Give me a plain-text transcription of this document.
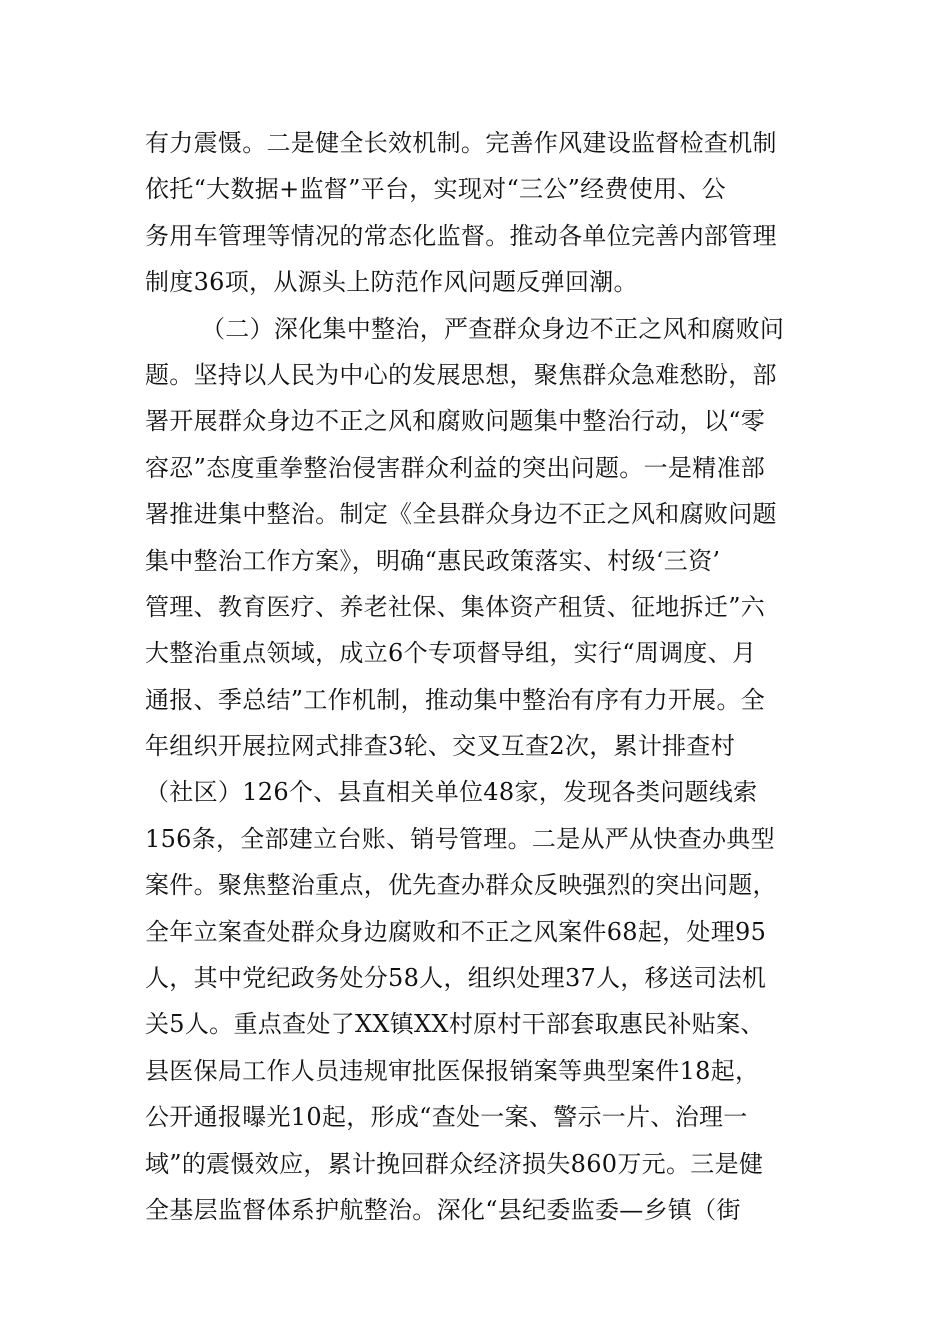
有力震慑。二是健全长效机制。完善作风建设监督检查机制
依托“大数据+监督”平台，实现对“三公”经费使用、公
务用车管理等情况的常态化监督。推动各单位完善内部管理
制度36项，从源头上防范作风问题反弹回潮。
（二）深化集中整治，严查群众身边不正之风和腐败问
题。坚持以人民为中心的发展思想，聚焦群众急难愁盼，部
署开展群众身边不正之风和腐败问题集中整治行动，以“零
容忍”态度重拳整治侵害群众利益的突出问题。一是精准部
署推进集中整治。制定《全县群众身边不正之风和腐败问题
集中整治工作方案》，明确“惠民政策落实、村级‘三资’
管理、教育医疗、养老社保、集体资产租赁、征地拆迁”六
大整治重点领域，成立6个专项督导组，实行“周调度、月
通报、季总结”工作机制，推动集中整治有序有力开展。全
年组织开展拉网式排查3轮、交叉互查2次，累计排查村
（社区）126个、县直相关单位48家，发现各类问题线索
156条，全部建立台账、销号管理。二是从严从快查办典型
案件。聚焦整治重点，优先查办群众反映强烈的突出问题，
全年立案查处群众身边腐败和不正之风案件68起，处理95
人，其中党纪政务处分58人，组织处理37人，移送司法机
关5人。重点查处了XX镇XX村原村干部套取惠民补贴案、
县医保局工作人员违规审批医保报销案等典型案件18起，
公开通报曝光10起，形成“查处一案、警示一片、治理一
域”的震慑效应，累计挽回群众经济损失860万元。三是健
全基层监督体系护航整治。深化“县纪委监委—乡镇（街
